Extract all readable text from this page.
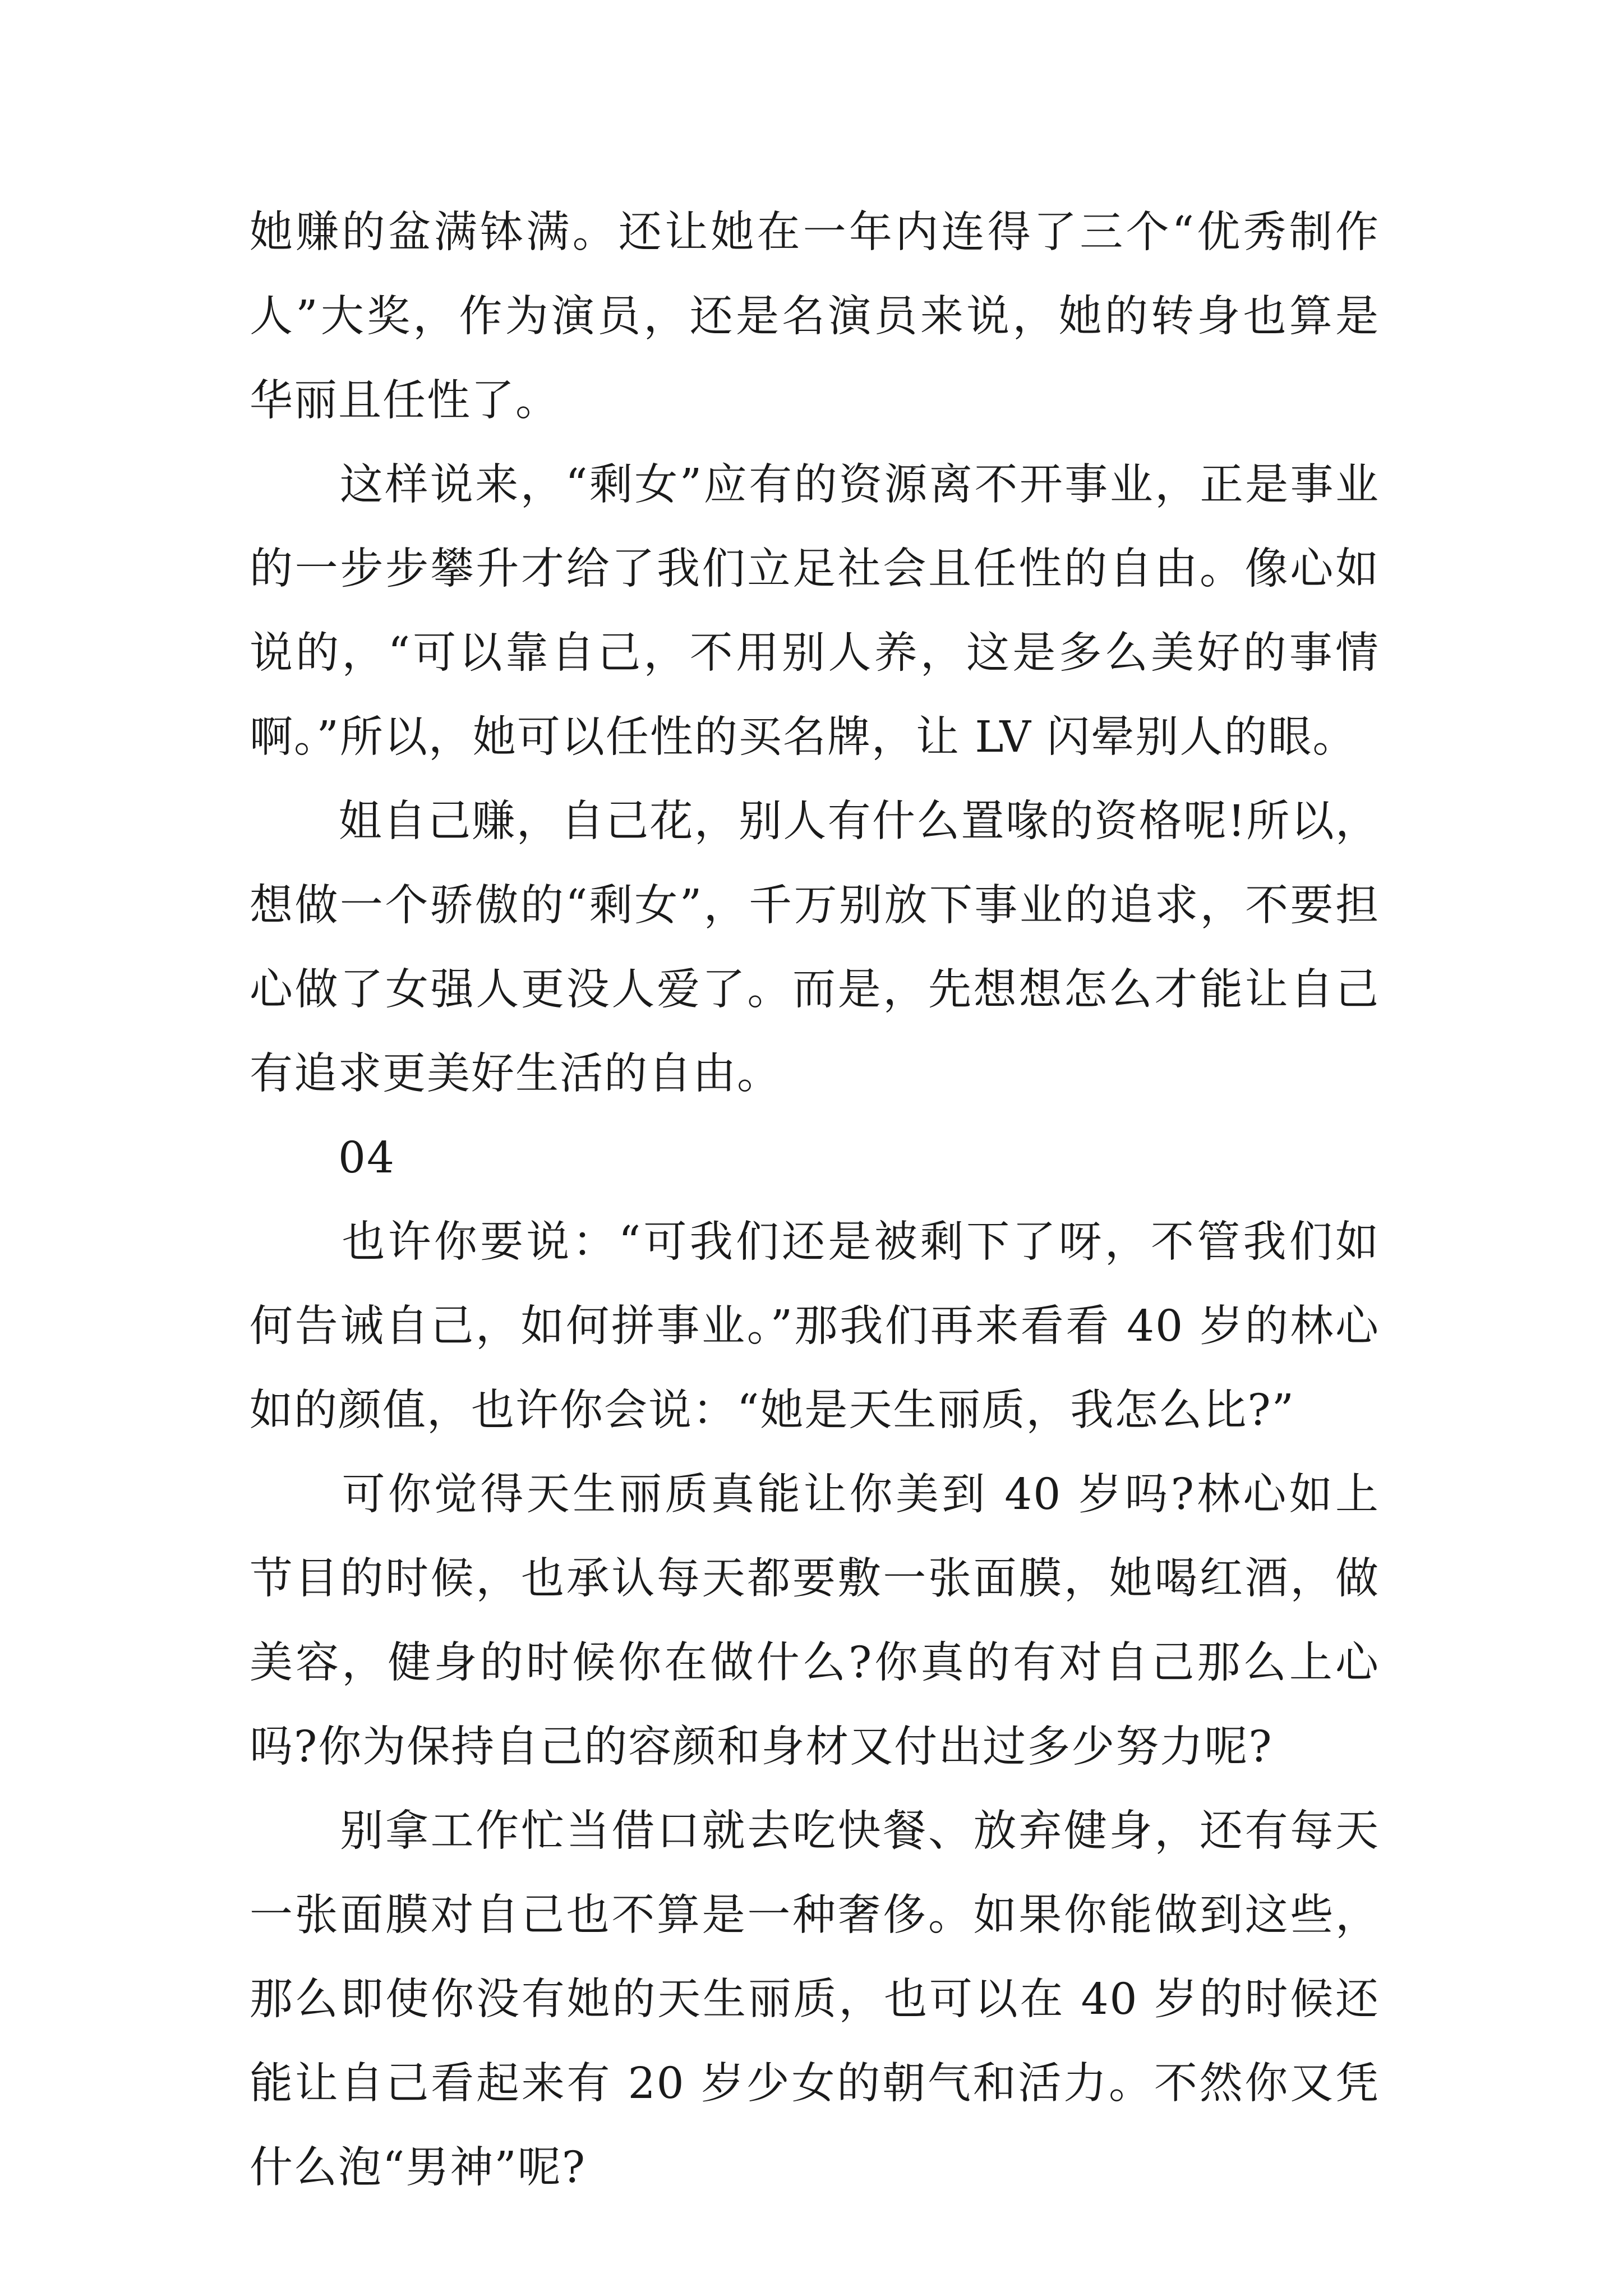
她赚的盆满钵满。还让她在一年内连得了三个“优秀制作人”大奖，作为演员，还是名演员来说，她的转身也算是华丽且任性了。

　　这样说来，“剩女”应有的资源离不开事业，正是事业的一步步攀升才给了我们立足社会且任性的自由。像心如说的，“可以靠自己，不用别人养，这是多么美好的事情啊。”所以，她可以任性的买名牌，让 LV 闪晕别人的眼。

　　姐自己赚，自己花，别人有什么置喙的资格呢!所以，想做一个骄傲的“剩女”，千万别放下事业的追求，不要担心做了女强人更没人爱了。而是，先想想怎么才能让自己有追求更美好生活的自由。

　　04

　　也许你要说：“可我们还是被剩下了呀，不管我们如何告诫自己，如何拼事业。”那我们再来看看 40 岁的林心如的颜值，也许你会说：“她是天生丽质，我怎么比?”

　　可你觉得天生丽质真能让你美到 40 岁吗?林心如上节目的时候，也承认每天都要敷一张面膜，她喝红酒，做美容，健身的时候你在做什么?你真的有对自己那么上心吗?你为保持自己的容颜和身材又付出过多少努力呢?

　　别拿工作忙当借口就去吃快餐、放弃健身，还有每天一张面膜对自己也不算是一种奢侈。如果你能做到这些，那么即使你没有她的天生丽质，也可以在 40 岁的时候还能让自己看起来有 20 岁少女的朝气和活力。不然你又凭什么泡“男神”呢?
